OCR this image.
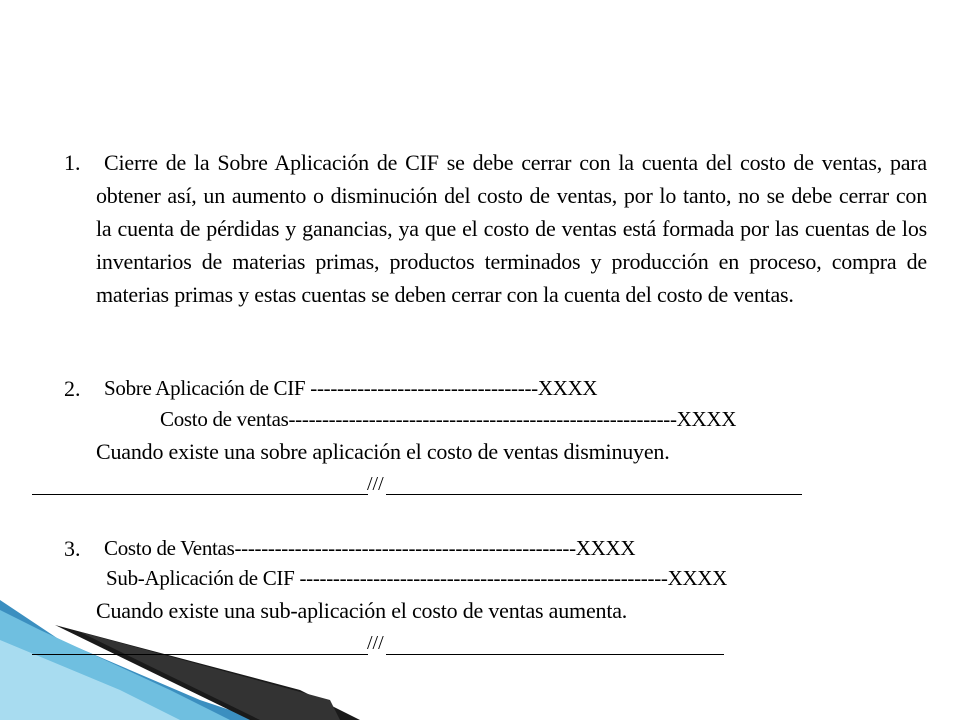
1. Cierre de la Sobre Aplicación de CIF se debe cerrar con la cuenta del costo de ventas, para
obtener así, un aumento o disminución del costo de ventas, por lo tanto, no se debe cerrar con
la cuenta de pérdidas y ganancias, ya que el costo de ventas está formada por las cuentas de los
inventarios de materias primas, productos terminados y producción en proceso, compra de
materias primas y estas cuentas se deben cerrar con la cuenta del costo de ventas.
2. Sobre Aplicación de CIF ----------------------------------XXXX
Costo de ventas----------------------------------------------------------XXXX
Cuando existe una sobre aplicación el costo de ventas disminuyen.
///
3. Costo de Ventas---------------------------------------------------XXXX
Sub-Aplicación de CIF -------------------------------------------------------XXXX
Cuando existe una sub-aplicación el costo de ventas aumenta.
///
